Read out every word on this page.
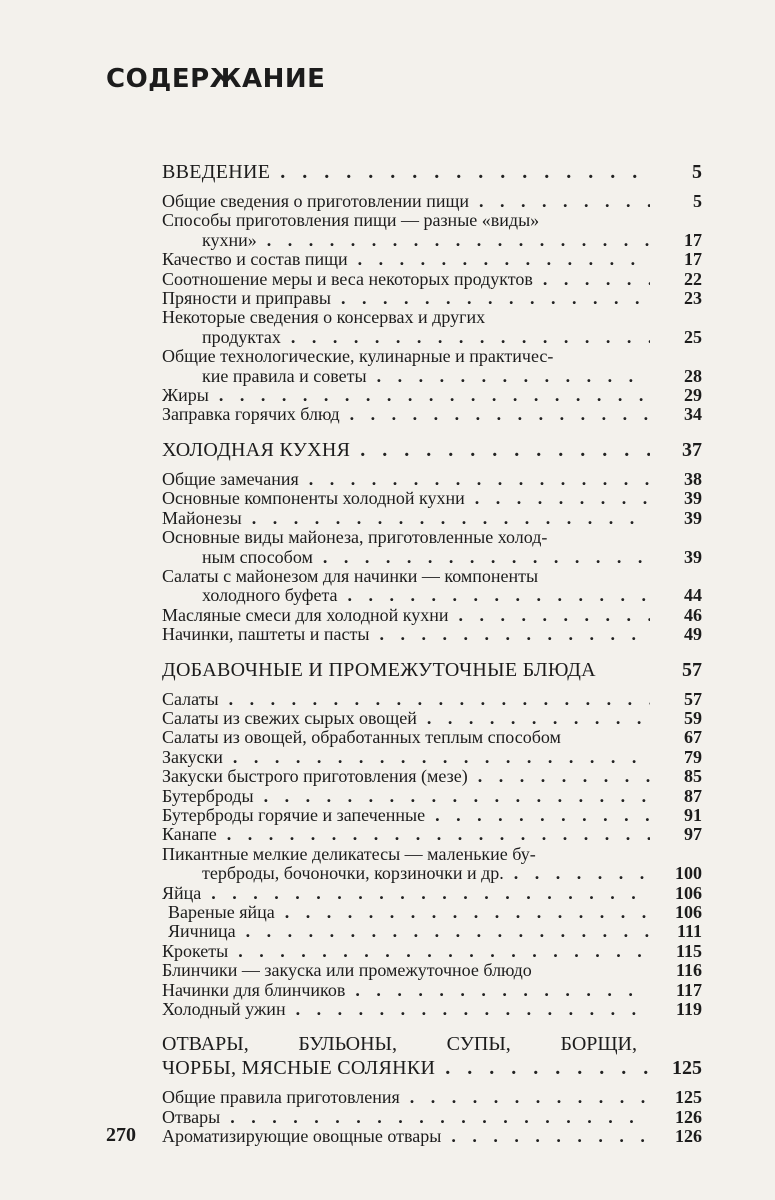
СОДЕРЖАНИЕ
ВВЕДЕНИЕ . . .	5
Общие сведения о приготовлении пищи . . .	5
Способы приготовления пищи — разные «виды»
кухни» . . .	17
Качество и состав пищи . . .	17
Соотношение меры и веса некоторых продуктов . . .	22
Пряности и приправы . . .	23
Некоторые сведения о консервах и других
продуктах . . .	25
Общие технологические, кулинарные и практичес-
кие правила и советы . . .	28
Жиры . . .	29
Заправка горячих блюд . . .	34
ХОЛОДНАЯ КУХНЯ . . .	37
Общие замечания . . .	38
Основные компоненты холодной кухни . . .	39
Майонезы . . .	39
Основные виды майонеза, приготовленные холод-
ным способом . . .	39
Салаты с майонезом для начинки — компоненты
холодного буфета . . .	44
Масляные смеси для холодной кухни . . .	46
Начинки, паштеты и пасты . . .	49
ДОБАВОЧНЫЕ И ПРОМЕЖУТОЧНЫЕ БЛЮДА	57
Салаты . . .	57
Салаты из свежих сырых овощей . . .	59
Салаты из овощей, обработанных теплым способом	67
Закуски . . .	79
Закуски быстрого приготовления (мезе) . . .	85
Бутерброды . . .	87
Бутерброды горячие и запеченные . . .	91
Канапе . . .	97
Пикантные мелкие деликатесы — маленькие бу-
терброды, бочоночки, корзиночки и др. . . .	100
Яйца . . .	106
Вареные яйца . . .	106
Яичница . . .	111
Крокеты . . .	115
Блинчики — закуска или промежуточное блюдо	116
Начинки для блинчиков . . .	117
Холодный ужин . . .	119
ОТВАРЫ, БУЛЬОНЫ, СУПЫ, БОРЩИ,
ЧОРБЫ, МЯСНЫЕ СОЛЯНКИ . . .	125
Общие правила приготовления . . .	125
Отвары . . .	126
Ароматизирующие овощные отвары . . .	126
270
